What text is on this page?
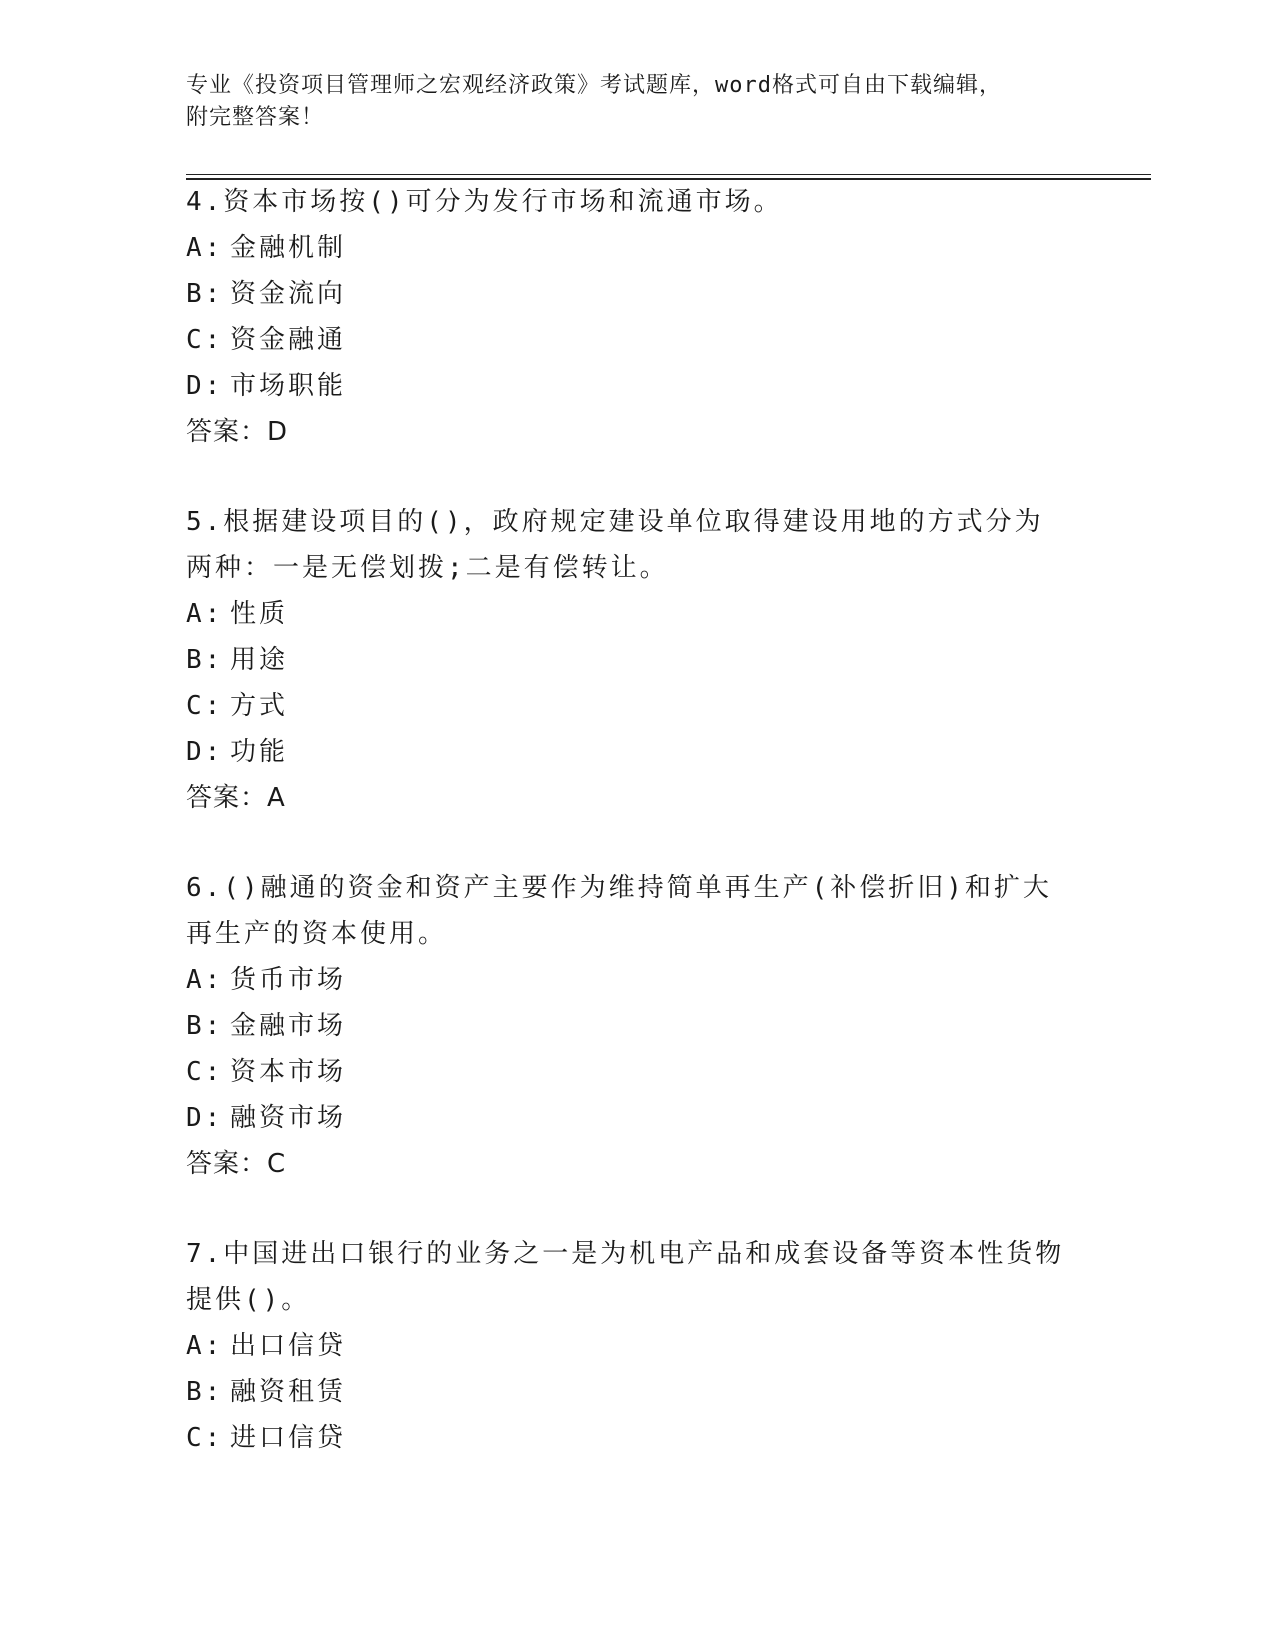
专业《投资项目管理师之宏观经济政策》考试题库，word格式可自由下载编辑，

附完整答案！

4.资本市场按()可分为发行市场和流通市场。

A: 金融机制

B: 资金流向

C: 资金融通

D: 市场职能

答案：D

5.根据建设项目的()，政府规定建设单位取得建设用地的方式分为两种：一是无偿划拨;二是有偿转让。

A: 性质

B: 用途

C: 方式

D: 功能

答案：A

6.()融通的资金和资产主要作为维持简单再生产(补偿折旧)和扩大再生产的资本使用。

A: 货币市场

B: 金融市场

C: 资本市场

D: 融资市场

答案：C

7.中国进出口银行的业务之一是为机电产品和成套设备等资本性货物提供()。

A: 出口信贷

B: 融资租赁

C: 进口信贷
